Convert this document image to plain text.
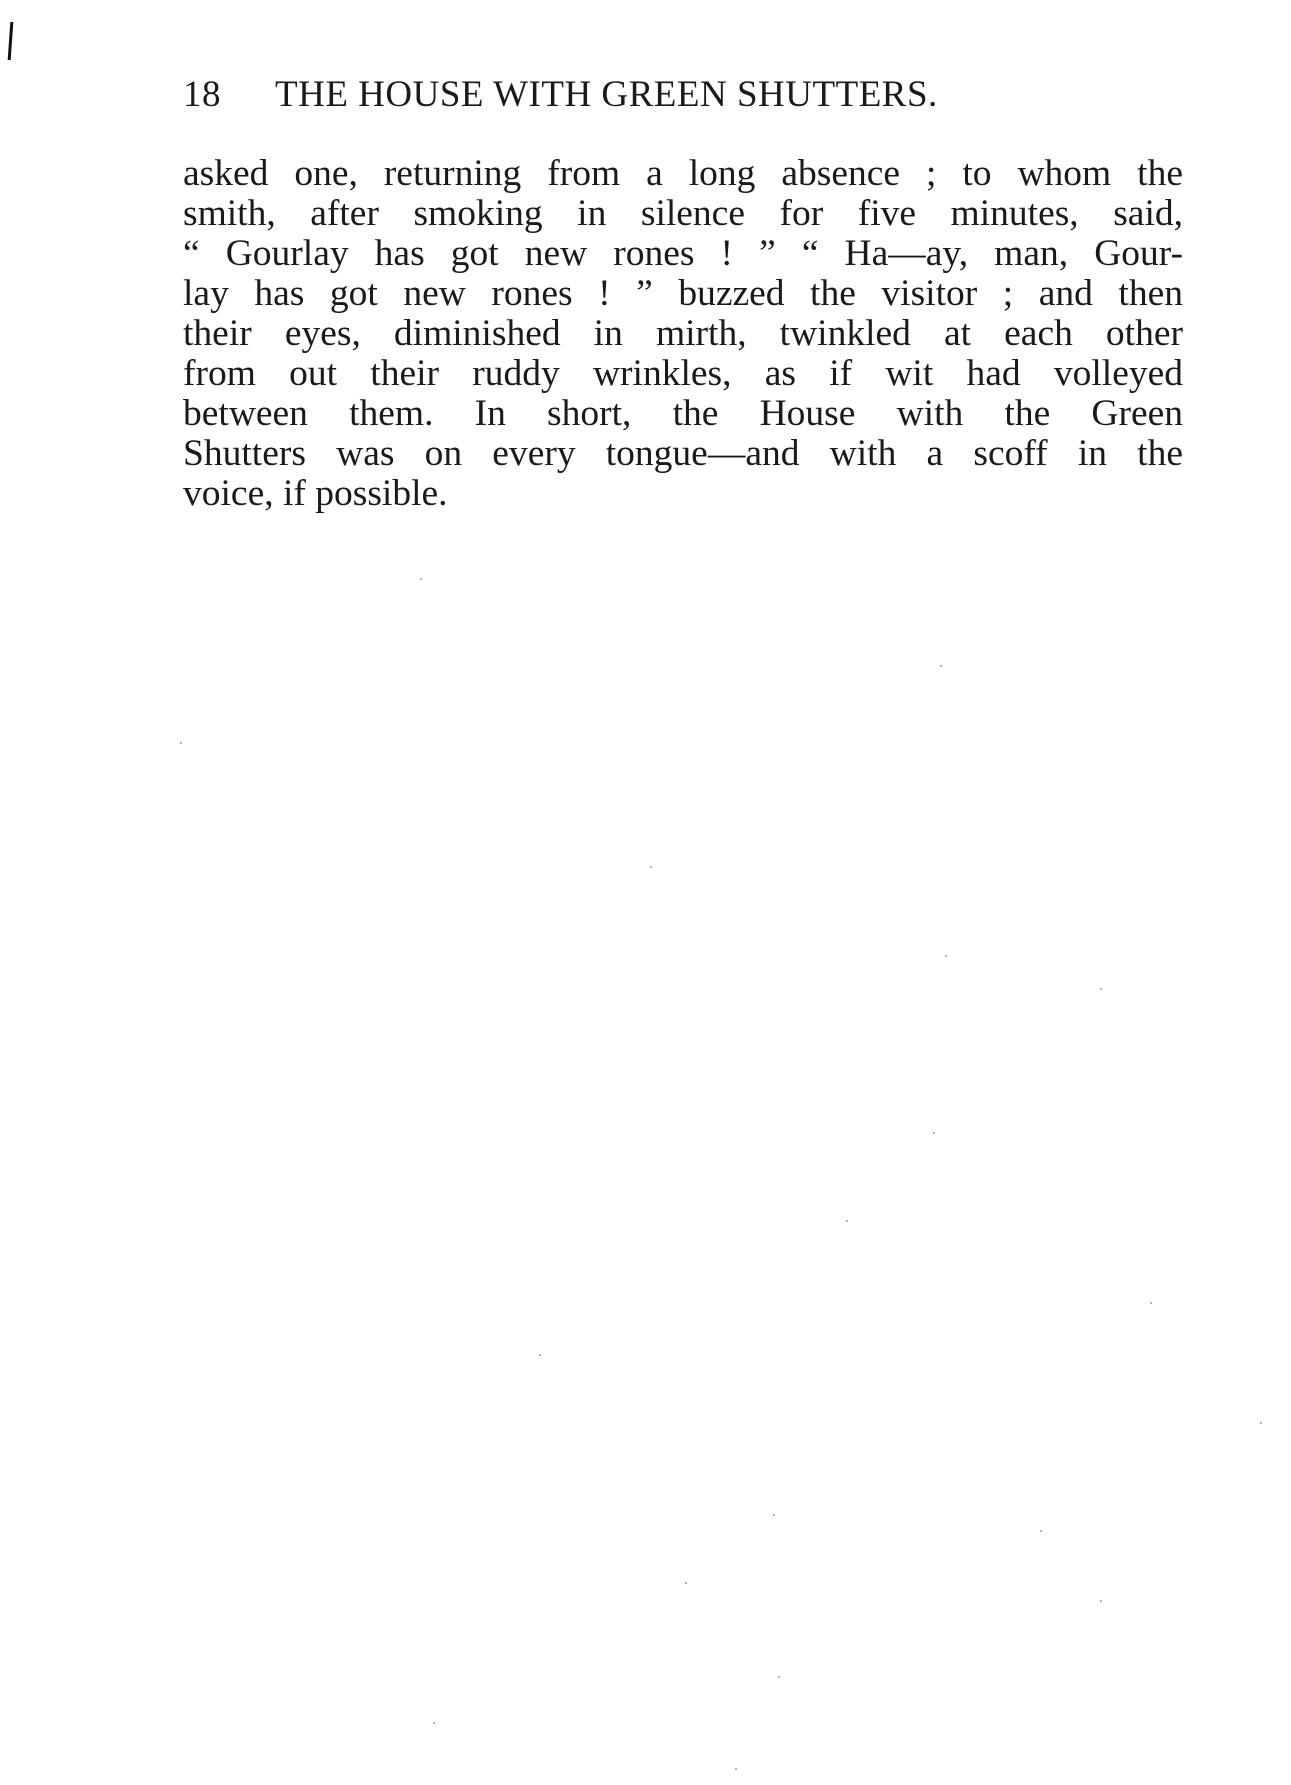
18	THE HOUSE WITH GREEN SHUTTERS.
asked one, returning from a long absence ; to whom the
smith, after smoking in silence for five minutes, said,
“ Gourlay has got new rones ! ” “ Ha—ay, man, Gour-
lay has got new rones ! ” buzzed the visitor ; and then
their eyes, diminished in mirth, twinkled at each other
from out their ruddy wrinkles, as if wit had volleyed
between them. In short, the House with the Green
Shutters was on every tongue—and with a scoff in the
voice, if possible.
